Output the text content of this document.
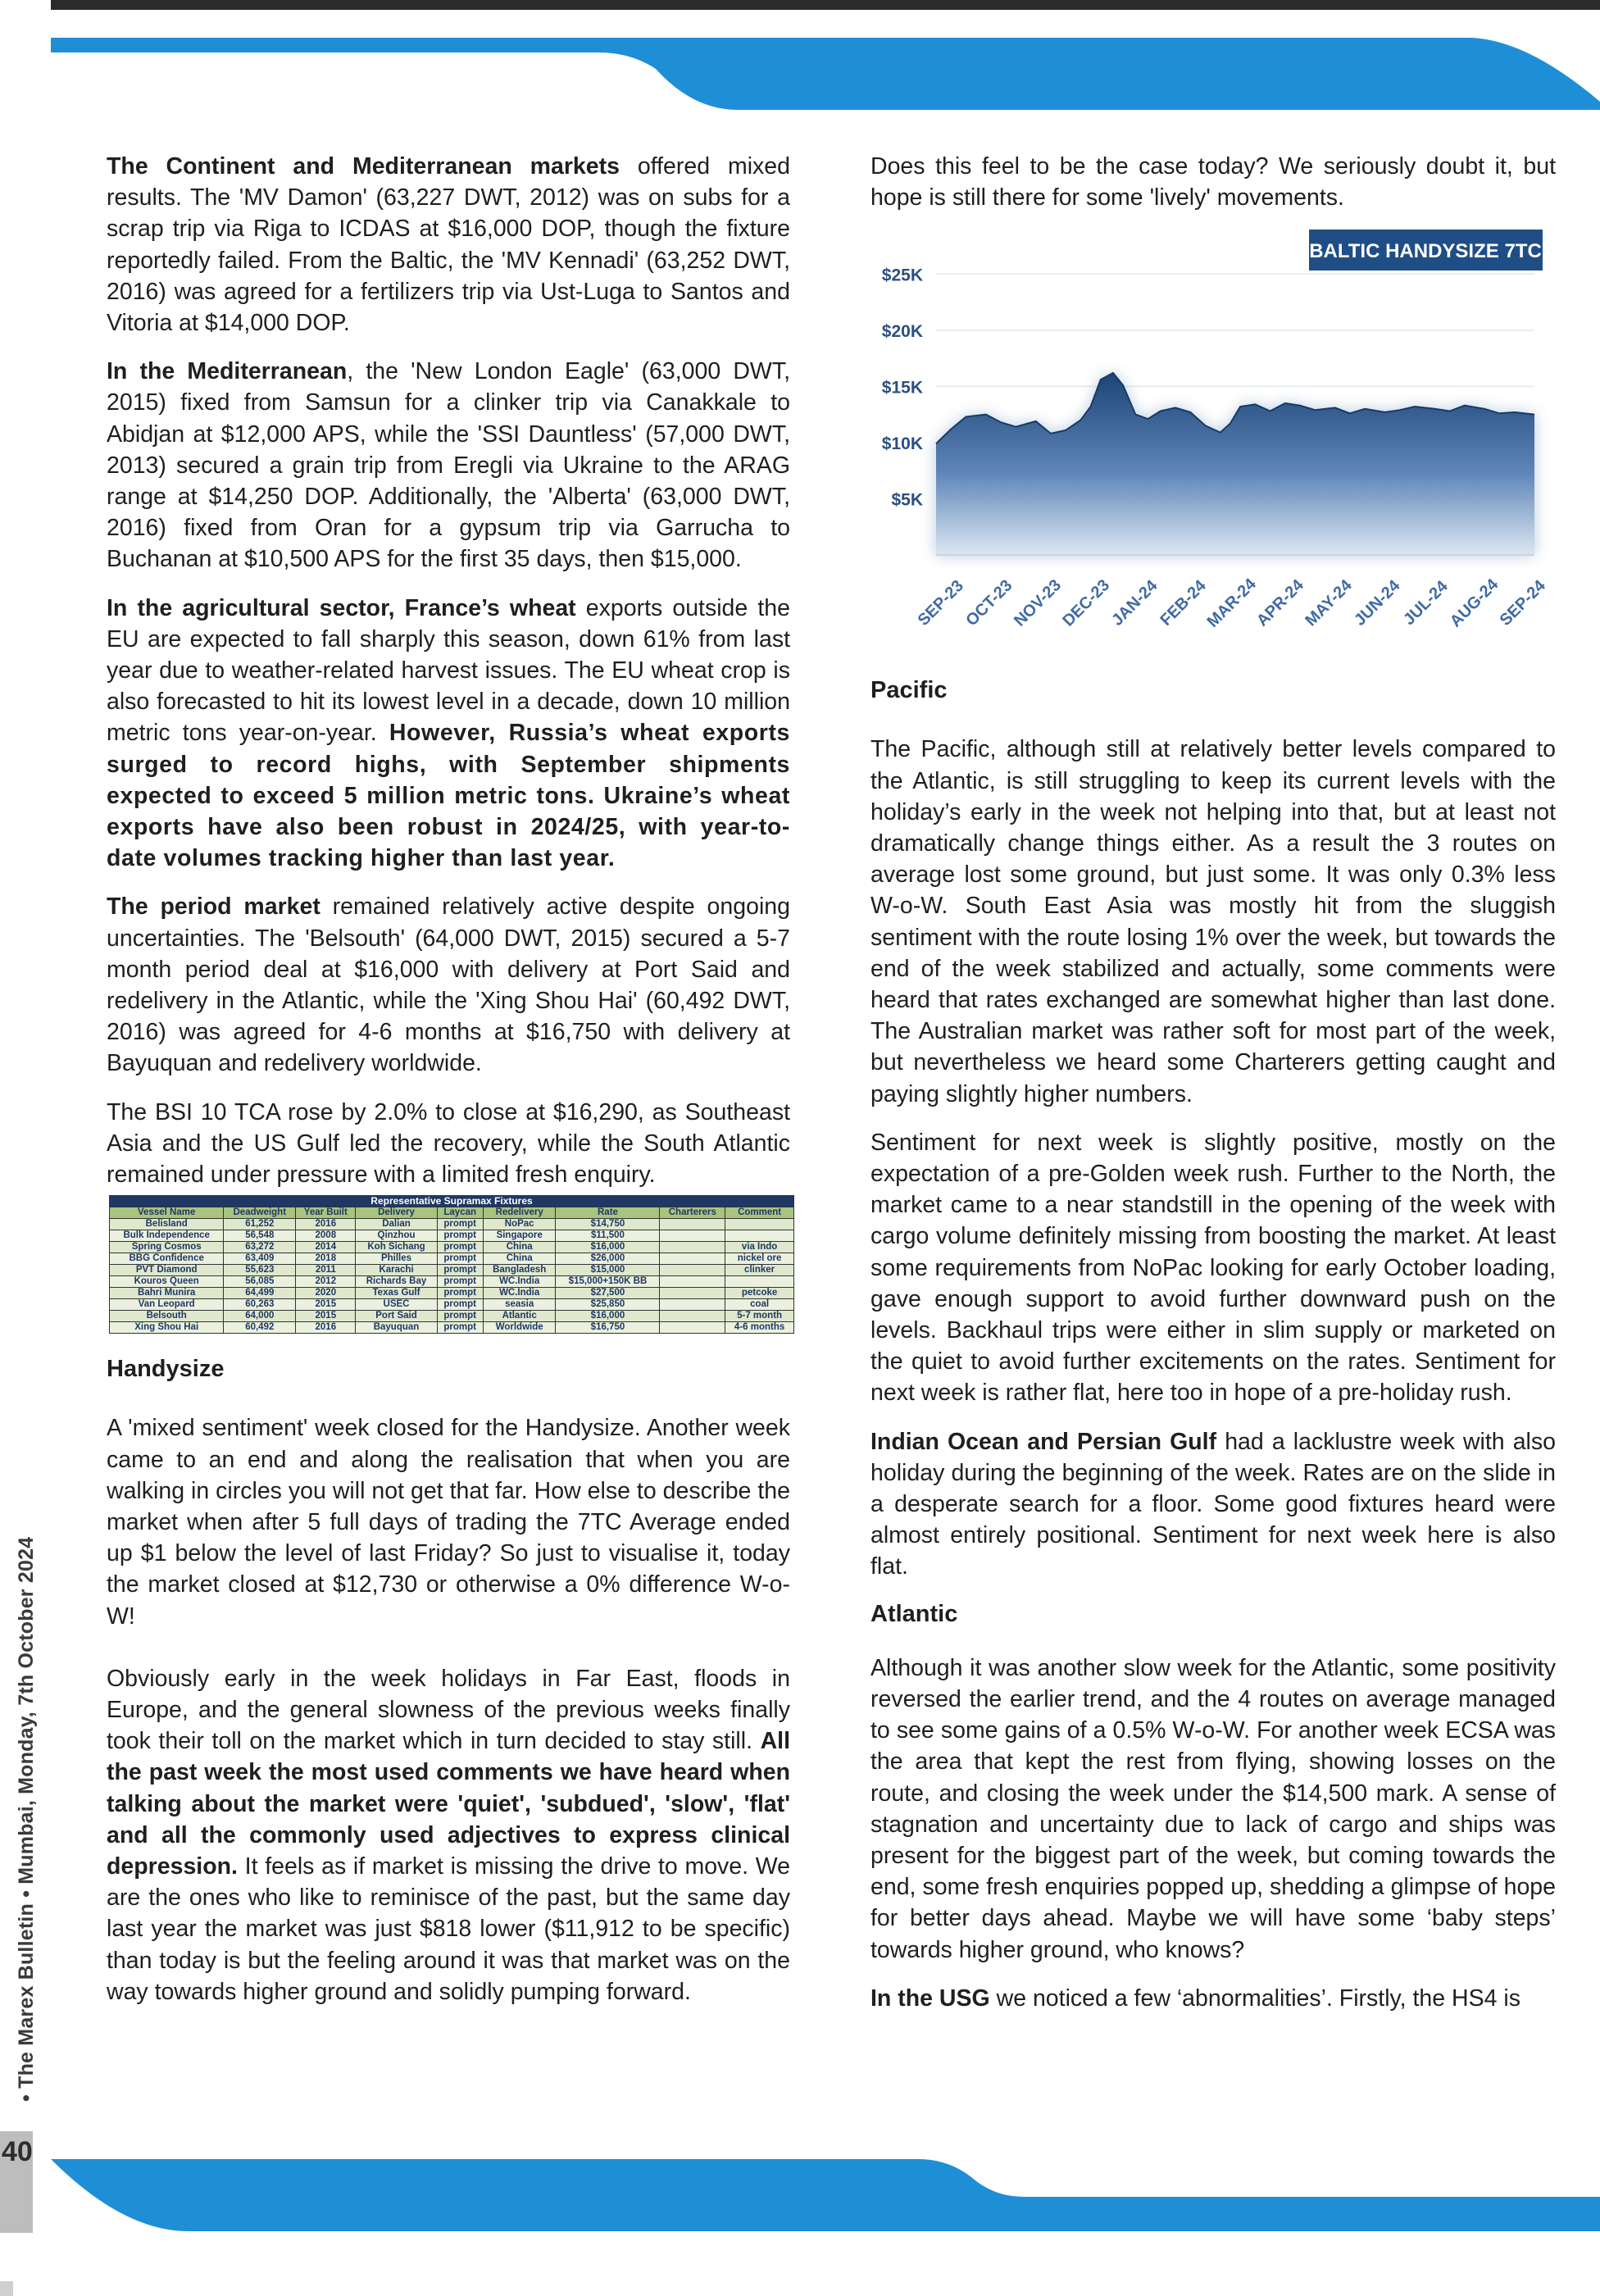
The Continent and Mediterranean markets offered mixed results. The 'MV Damon' (63,227 DWT, 2012) was on subs for a scrap trip via Riga to ICDAS at $16,000 DOP, though the fixture reportedly failed. From the Baltic, the 'MV Kennadi' (63,252 DWT, 2016) was agreed for a fertilizers trip via Ust-Luga to Santos and Vitoria at $14,000 DOP.

In the Mediterranean, the 'New London Eagle' (63,000 DWT, 2015) fixed from Samsun for a clinker trip via Canakkale to Abidjan at $12,000 APS, while the 'SSI Dauntless' (57,000 DWT, 2013) secured a grain trip from Eregli via Ukraine to the ARAG range at $14,250 DOP. Additionally, the 'Alberta' (63,000 DWT, 2016) fixed from Oran for a gypsum trip via Garrucha to Buchanan at $10,500 APS for the first 35 days, then $15,000.

In the agricultural sector, France’s wheat exports outside the EU are expected to fall sharply this season, down 61% from last year due to weather-related harvest issues. The EU wheat crop is also forecasted to hit its lowest level in a decade, down 10 million metric tons year-on-year. However, Russia’s wheat exports surged to record highs, with September shipments expected to exceed 5 million metric tons. Ukraine’s wheat exports have also been robust in 2024/25, with year-to-date volumes tracking higher than last year.

The period market remained relatively active despite ongoing uncertainties. The 'Belsouth' (64,000 DWT, 2015) secured a 5-7 month period deal at $16,000 with delivery at Port Said and redelivery in the Atlantic, while the 'Xing Shou Hai' (60,492 DWT, 2016) was agreed for 4-6 months at $16,750 with delivery at Bayuquan and redelivery worldwide.

The BSI 10 TCA rose by 2.0% to close at $16,290, as Southeast Asia and the US Gulf led the recovery, while the South Atlantic remained under pressure with a limited fresh enquiry.

Representative Supramax Fixtures								
Vessel Name	Deadweight	Year Built	Delivery	Laycan	Redelivery	Rate	Charterers	Comment
Belisland	61,252	2016	Dalian	prompt	NoPac	$14,750		
Bulk Independence	56,548	2008	Qinzhou	prompt	Singapore	$11,500		
Spring Cosmos	63,272	2014	Koh Sichang	prompt	China	$16,000		via Indo
BBG Confidence	63,409	2018	Philles	prompt	China	$26,000		nickel ore
PVT Diamond	55,623	2011	Karachi	prompt	Bangladesh	$15,000		clinker
Kouros Queen	56,085	2012	Richards Bay	prompt	WC.India	$15,000+150K BB		
Bahri Munira	64,499	2020	Texas Gulf	prompt	WC.India	$27,500		petcoke
Van Leopard	60,263	2015	USEC	prompt	seasia	$25,850		coal
Belsouth	64,000	2015	Port Said	prompt	Atlantic	$16,000		5-7 month
Xing Shou Hai	60,492	2016	Bayuquan	prompt	Worldwide	$16,750		4-6 months
Handysize

A 'mixed sentiment' week closed for the Handysize. Another week came to an end and along the realisation that when you are walking in circles you will not get that far. How else to describe the market when after 5 full days of trading the 7TC Average ended up $1 below the level of last Friday? So just to visualise it, today the market closed at $12,730 or otherwise a 0% difference W-o-W!

Obviously early in the week holidays in Far East, floods in Europe, and the general slowness of the previous weeks finally took their toll on the market which in turn decided to stay still. All the past week the most used comments we have heard when talking about the market were 'quiet', 'subdued', 'slow', 'flat' and all the commonly used adjectives to express clinical depression. It feels as if market is missing the drive to move. We are the ones who like to reminisce of the past, but the same day last year the market was just $818 lower ($11,912 to be specific) than today is but the feeling around it was that market was on the way towards higher ground and solidly pumping forward.

Does this feel to be the case today? We seriously doubt it, but hope is still there for some 'lively' movements.

$25K
$20K
$15K
$10K
$5K
SEP-23
OCT-23
NOV-23
DEC-23
JAN-24
FEB-24
MAR-24
APR-24
MAY-24
JUN-24
JUL-24
AUG-24
SEP-24
BALTIC HANDYSIZE 7TC
Pacific

The Pacific, although still at relatively better levels compared to the Atlantic, is still struggling to keep its current levels with the holiday’s early in the week not helping into that, but at least not dramatically change things either. As a result the 3 routes on average lost some ground, but just some. It was only 0.3% less W-o-W. South East Asia was mostly hit from the sluggish sentiment with the route losing 1% over the week, but towards the end of the week stabilized and actually, some comments were heard that rates exchanged are somewhat higher than last done. The Australian market was rather soft for most part of the week, but nevertheless we heard some Charterers getting caught and paying slightly higher numbers.

Sentiment for next week is slightly positive, mostly on the expectation of a pre-Golden week rush. Further to the North, the market came to a near standstill in the opening of the week with cargo volume definitely missing from boosting the market. At least some requirements from NoPac looking for early October loading, gave enough support to avoid further downward push on the levels. Backhaul trips were either in slim supply or marketed on the quiet to avoid further excitements on the rates. Sentiment for next week is rather flat, here too in hope of a pre-holiday rush.

Indian Ocean and Persian Gulf had a lacklustre week with also holiday during the beginning of the week. Rates are on the slide in a desperate search for a floor. Some good fixtures heard were almost entirely positional. Sentiment for next week here is also flat.

Atlantic

Although it was another slow week for the Atlantic, some positivity reversed the earlier trend, and the 4 routes on average managed to see some gains of a 0.5% W-o-W. For another week ECSA was the area that kept the rest from flying, showing losses on the route, and closing the week under the $14,500 mark. A sense of stagnation and uncertainty due to lack of cargo and ships was present for the biggest part of the week, but coming towards the end, some fresh enquiries popped up, shedding a glimpse of hope for better days ahead. Maybe we will have some ‘baby steps’ towards higher ground, who knows?

In the USG we noticed a few ‘abnormalities’. Firstly, the HS4 is

• The Marex Bulletin • Mumbai, Monday, 7th October 2024
40
